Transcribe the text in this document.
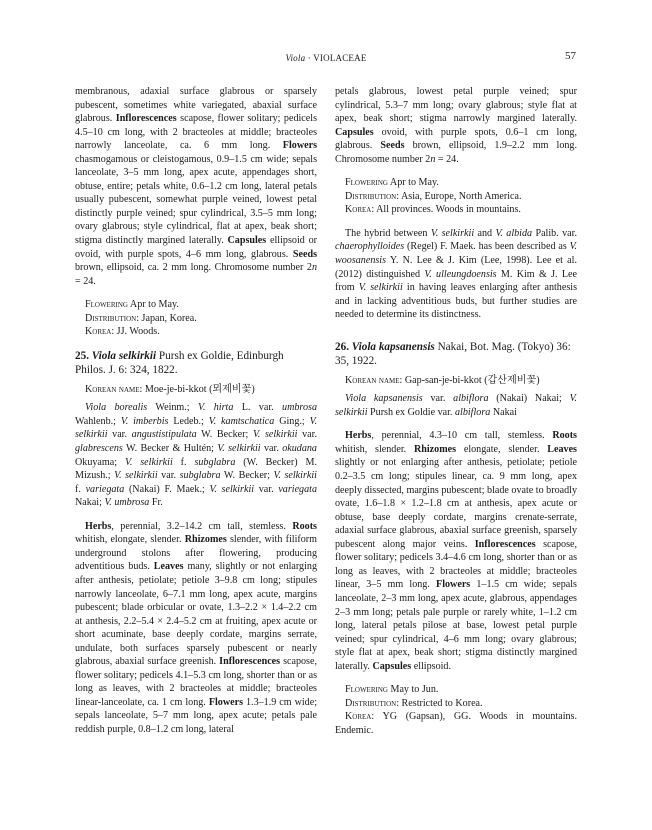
Viola · VIOLACEAE	57

membranous, adaxial surface glabrous or sparsely pubescent, sometimes white variegated, abaxial surface glabrous. Inflorescences scapose, flower solitary; pedicels 4.5–10 cm long, with 2 bracteoles at middle; bracteoles narrowly lanceolate, ca. 6 mm long. Flowers chasmogamous or cleistogamous, 0.9–1.5 cm wide; sepals lanceolate, 3–5 mm long, apex acute, appendages short, obtuse, entire; petals white, 0.6–1.2 cm long, lateral petals usually pubescent, somewhat purple veined, lowest petal distinctly purple veined; spur cylindrical, 3.5–5 mm long; ovary glabrous; style cylindrical, flat at apex, beak short; stigma distinctly margined laterally. Capsules ellipsoid or ovoid, with purple spots, 4–6 mm long, glabrous. Seeds brown, ellipsoid, ca. 2 mm long. Chromosome number 2n = 24.

Flowering Apr to May.

Distribution: Japan, Korea.

Korea: JJ. Woods.

25. Viola selkirkii Pursh ex Goldie, Edinburgh Philos. J. 6: 324, 1822.

Korean name: Moe-je-bi-kkot (뫼제비꽃)

Viola borealis Weinm.; V. hirta L. var. umbrosa Wahlenb.; V. imberbis Ledeb.; V. kamtschatica Ging.; V. selkirkii var. angustistipulata W. Becker; V. selkirkii var. glabrescens W. Becker & Hultén; V. selkirkii var. okudana Okuyama; V. selkirkii f. subglabra (W. Becker) M. Mizush.; V. selkirkii var. subglabra W. Becker; V. selkirkii f. variegata (Nakai) F. Maek.; V. selkirkii var. variegata Nakai; V. umbrosa Fr.

Herbs, perennial, 3.2–14.2 cm tall, stemless. Roots whitish, elongate, slender. Rhizomes slender, with filiform underground stolons after flowering, producing adventitious buds. Leaves many, slightly or not enlarging after anthesis, petiolate; petiole 3–9.8 cm long; stipules narrowly lanceolate, 6–7.1 mm long, apex acute, margins pubescent; blade orbicular or ovate, 1.3–2.2 × 1.4–2.2 cm at anthesis, 2.2–5.4 × 2.4–5.2 cm at fruiting, apex acute or short acuminate, base deeply cordate, margins serrate, undulate, both surfaces sparsely pubescent or nearly glabrous, abaxial surface greenish. Inflorescences scapose, flower solitary; pedicels 4.1–5.3 cm long, shorter than or as long as leaves, with 2 bracteoles at middle; bracteoles linear-lanceolate, ca. 1 cm long. Flowers 1.3–1.9 cm wide; sepals lanceolate, 5–7 mm long, apex acute; petals pale reddish purple, 0.8–1.2 cm long, lateral

petals glabrous, lowest petal purple veined; spur cylindrical, 5.3–7 mm long; ovary glabrous; style flat at apex, beak short; stigma narrowly margined laterally. Capsules ovoid, with purple spots, 0.6–1 cm long, glabrous. Seeds brown, ellipsoid, 1.9–2.2 mm long. Chromosome number 2n = 24.

Flowering Apr to May.

Distribution: Asia, Europe, North America.

Korea: All provinces. Woods in mountains.

The hybrid between V. selkirkii and V. albida Palib. var. chaerophylloides (Regel) F. Maek. has been described as V. woosanensis Y. N. Lee & J. Kim (Lee, 1998). Lee et al. (2012) distinguished V. ulleungdoensis M. Kim & J. Lee from V. selkirkii in having leaves enlarging after anthesis and in lacking adventitious buds, but further studies are needed to determine its distinctness.

26. Viola kapsanensis Nakai, Bot. Mag. (Tokyo) 36: 35, 1922.

Korean name: Gap-san-je-bi-kkot (갑산제비꽃)

Viola kapsanensis var. albiflora (Nakai) Nakai; V. selkirkii Pursh ex Goldie var. albiflora Nakai

Herbs, perennial, 4.3–10 cm tall, stemless. Roots whitish, slender. Rhizomes elongate, slender. Leaves slightly or not enlarging after anthesis, petiolate; petiole 0.2–3.5 cm long; stipules linear, ca. 9 mm long, apex deeply dissected, margins pubescent; blade ovate to broadly ovate, 1.6–1.8 × 1.2–1.8 cm at anthesis, apex acute or obtuse, base deeply cordate, margins crenate-serrate, adaxial surface glabrous, abaxial surface greenish, sparsely pubescent along major veins. Inflorescences scapose, flower solitary; pedicels 3.4–4.6 cm long, shorter than or as long as leaves, with 2 bracteoles at middle; bracteoles linear, 3–5 mm long. Flowers 1–1.5 cm wide; sepals lanceolate, 2–3 mm long, apex acute, glabrous, appendages 2–3 mm long; petals pale purple or rarely white, 1–1.2 cm long, lateral petals pilose at base, lowest petal purple veined; spur cylindrical, 4–6 mm long; ovary glabrous; style flat at apex, beak short; stigma distinctly margined laterally. Capsules ellipsoid.

Flowering May to Jun.

Distribution: Restricted to Korea.

Korea: YG (Gapsan), GG. Woods in mountains. Endemic.
